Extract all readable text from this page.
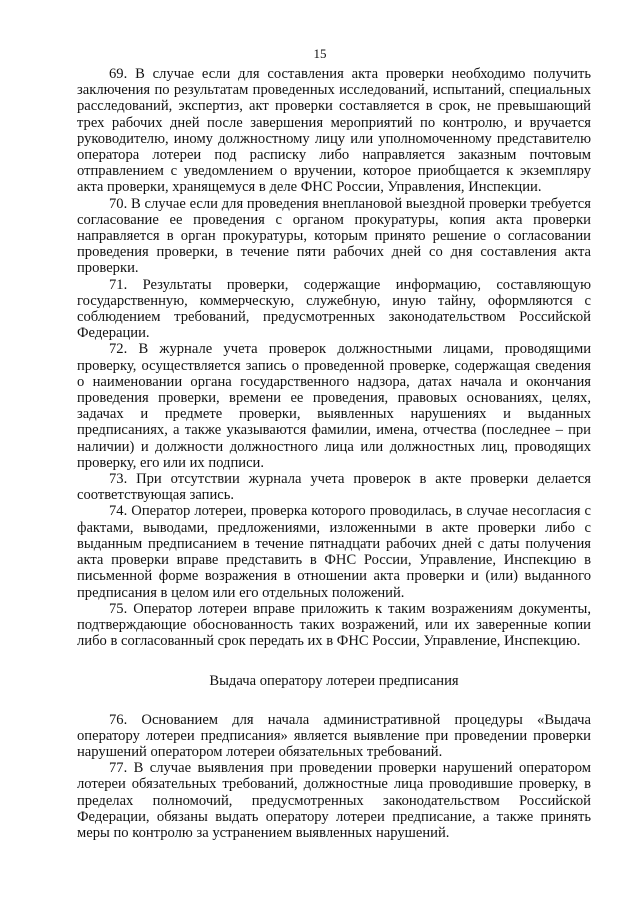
15

69. В случае если для составления акта проверки необходимо получить заключения по результатам проведенных исследований, испытаний, специальных расследований, экспертиз, акт проверки составляется в срок, не превышающий трех рабочих дней после завершения мероприятий по контролю, и вручается руководителю, иному должностному лицу или уполномоченному представителю оператора лотереи под расписку либо направляется заказным почтовым отправлением с уведомлением о вручении, которое приобщается к экземпляру акта проверки, хранящемуся в деле ФНС России, Управления, Инспекции.

70. В случае если для проведения внеплановой выездной проверки требуется согласование ее проведения с органом прокуратуры, копия акта проверки направляется в орган прокуратуры, которым принято решение о согласовании проведения проверки, в течение пяти рабочих дней со дня составления акта проверки.

71. Результаты проверки, содержащие информацию, составляющую государственную, коммерческую, служебную, иную тайну, оформляются с соблюдением требований, предусмотренных законодательством Российской Федерации.

72. В журнале учета проверок должностными лицами, проводящими проверку, осуществляется запись о проведенной проверке, содержащая сведения о наименовании органа государственного надзора, датах начала и окончания проведения проверки, времени ее проведения, правовых основаниях, целях, задачах и предмете проверки, выявленных нарушениях и выданных предписаниях, а также указываются фамилии, имена, отчества (последнее – при наличии) и должности должностного лица или должностных лиц, проводящих проверку, его или их подписи.

73. При отсутствии журнала учета проверок в акте проверки делается соответствующая запись.

74. Оператор лотереи, проверка которого проводилась, в случае несогласия с фактами, выводами, предложениями, изложенными в акте проверки либо с выданным предписанием в течение пятнадцати рабочих дней с даты получения акта проверки вправе представить в ФНС России, Управление, Инспекцию в письменной форме возражения в отношении акта проверки и (или) выданного предписания в целом или его отдельных положений.

75. Оператор лотереи вправе приложить к таким возражениям документы, подтверждающие обоснованность таких возражений, или их заверенные копии либо в согласованный срок передать их в ФНС России, Управление, Инспекцию.

Выдача оператору лотереи предписания

76. Основанием для начала административной процедуры «Выдача оператору лотереи предписания» является выявление при проведении проверки нарушений оператором лотереи обязательных требований.

77. В случае выявления при проведении проверки нарушений оператором лотереи обязательных требований, должностные лица проводившие проверку, в пределах полномочий, предусмотренных законодательством Российской Федерации, обязаны выдать оператору лотереи предписание, а также принять меры по контролю за устранением выявленных нарушений.
